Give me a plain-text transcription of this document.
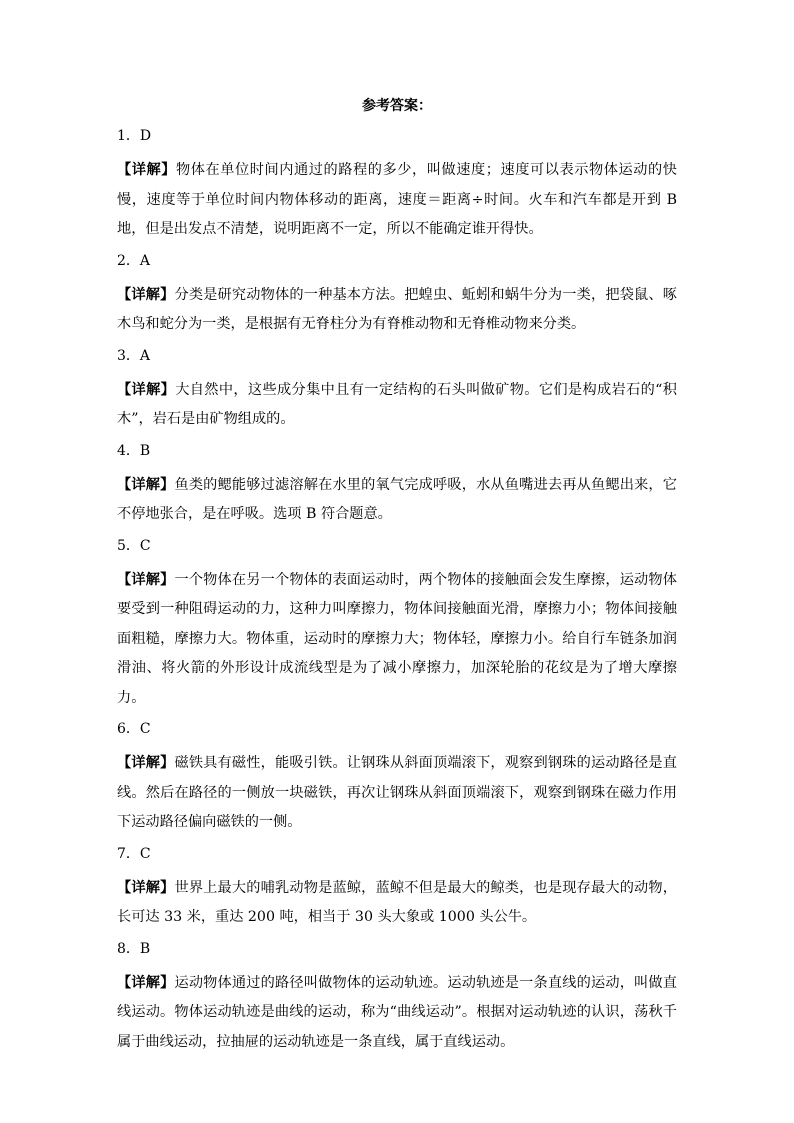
参考答案：
1．D
【详解】物体在单位时间内通过的路程的多少，叫做速度；速度可以表示物体运动的快慢，速度等于单位时间内物体移动的距离，速度＝距离÷时间。火车和汽车都是开到 B 地，但是出发点不清楚，说明距离不一定，所以不能确定谁开得快。
2．A
【详解】分类是研究动物体的一种基本方法。把蝗虫、蚯蚓和蜗牛分为一类，把袋鼠、啄木鸟和蛇分为一类，是根据有无脊柱分为有脊椎动物和无脊椎动物来分类。
3．A
【详解】大自然中，这些成分集中且有一定结构的石头叫做矿物。它们是构成岩石的“积木”，岩石是由矿物组成的。
4．B
【详解】鱼类的鳃能够过滤溶解在水里的氧气完成呼吸，水从鱼嘴进去再从鱼鳃出来，它不停地张合，是在呼吸。选项 B 符合题意。
5．C
【详解】一个物体在另一个物体的表面运动时，两个物体的接触面会发生摩擦，运动物体要受到一种阻碍运动的力，这种力叫摩擦力，物体间接触面光滑，摩擦力小；物体间接触面粗糙，摩擦力大。物体重，运动时的摩擦力大；物体轻，摩擦力小。给自行车链条加润滑油、将火箭的外形设计成流线型是为了减小摩擦力，加深轮胎的花纹是为了增大摩擦力。
6．C
【详解】磁铁具有磁性，能吸引铁。让钢珠从斜面顶端滚下，观察到钢珠的运动路径是直线。然后在路径的一侧放一块磁铁，再次让钢珠从斜面顶端滚下，观察到钢珠在磁力作用下运动路径偏向磁铁的一侧。
7．C
【详解】世界上最大的哺乳动物是蓝鲸，蓝鲸不但是最大的鲸类，也是现存最大的动物，长可达 33 米，重达 200 吨，相当于 30 头大象或 1000 头公牛。
8．B
【详解】运动物体通过的路径叫做物体的运动轨迹。运动轨迹是一条直线的运动，叫做直线运动。物体运动轨迹是曲线的运动，称为“曲线运动”。根据对运动轨迹的认识，荡秋千属于曲线运动，拉抽屉的运动轨迹是一条直线，属于直线运动。
